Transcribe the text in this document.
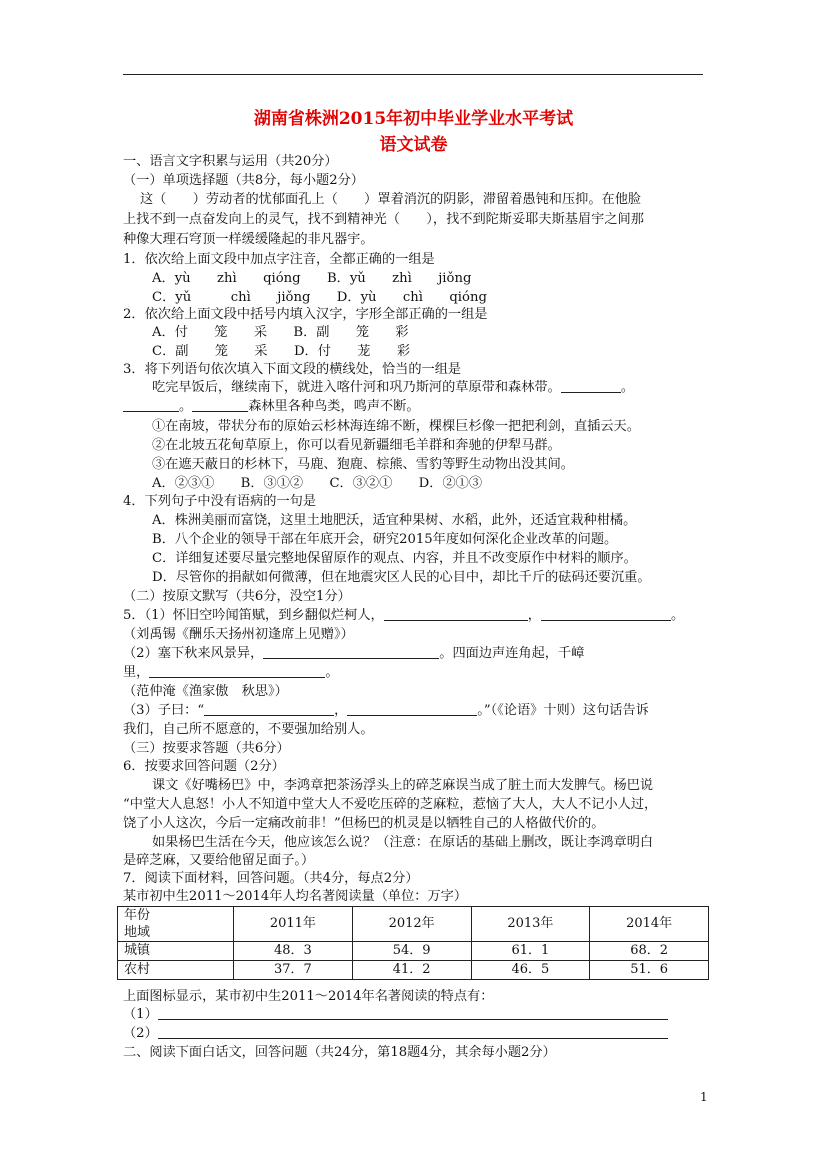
湖南省株洲2015年初中毕业学业水平考试
语文试卷
一、语言文字积累与运用（共20分）
（一）单项选择题（共8分，每小题2分）
这（　　）劳动者的忧郁面孔上（　　）罩着消沉的阴影，滞留着愚钝和压抑。在他脸
上找不到一点奋发向上的灵气，找不到精神光（　　），找不到陀斯妥耶夫斯基眉宇之间那
种像大理石穹顶一样缓缓隆起的非凡器宇。
1．依次给上面文段中加点字注音，全都正确的一组是
A．yù　　zhì　　qióng　　B．yǔ　　zhì　　jiǒng
C．yǔ　　　chì　　jiǒng　　D．yù　　chì　　qióng
2．依次给上面文段中括号内填入汉字，字形全部正确的一组是
A．付　　笼　　采　　B．副　　笼　　彩
C．副　　笼　　采　　D．付　　茏　　彩
3．将下列语句依次填入下面文段的横线处，恰当的一组是
吃完早饭后，继续南下，就进入喀什河和巩乃斯河的草原带和森林带。	。
。	森林里各种鸟类，鸣声不断。
①在南坡，带状分布的原始云杉林海连绵不断，棵棵巨杉像一把把利剑，直插云天。
②在北坡五花甸草原上，你可以看见新疆细毛羊群和奔驰的伊犁马群。
③在遮天蔽日的杉林下，马鹿、狍鹿、棕熊、雪豹等野生动物出没其间。
A．②③①　　B．③①②　　C．③②①　　D．②①③
4．下列句子中没有语病的一句是
A．株洲美丽而富饶，这里土地肥沃，适宜种果树、水稻，此外，还适宜栽种柑橘。
B．八个企业的领导干部在年底开会，研究2015年度如何深化企业改革的问题。
C．详细复述要尽量完整地保留原作的观点、内容，并且不改变原作中材料的顺序。
D．尽管你的捐献如何微薄，但在地震灾区人民的心目中，却比千斤的砝码还要沉重。
（二）按原文默写（共6分，没空1分）
5．（1）怀旧空吟闻笛赋，到乡翻似烂柯人，	，	。
（刘禹锡《酬乐天扬州初逢席上见赠》）
（2）塞下秋来风景异，	。四面边声连角起，千嶂
里，	。
（范仲淹《渔家傲　秋思》）
（3）子曰：“	，	。”（《论语》十则）这句话告诉
我们，自己所不愿意的，不要强加给别人。
（三）按要求答题（共6分）
6．按要求回答问题（2分）
课文《好嘴杨巴》中，李鸿章把茶汤浮头上的碎芝麻误当成了脏土而大发脾气。杨巴说
“中堂大人息怒！小人不知道中堂大人不爱吃压碎的芝麻粒，惹恼了大人，大人不记小人过，
饶了小人这次，今后一定痛改前非！”但杨巴的机灵是以牺牲自己的人格做代价的。
如果杨巴生活在今天，他应该怎么说？（注意：在原话的基础上删改，既让李鸿章明白
是碎芝麻，又要给他留足面子。）
7．阅读下面材料，回答问题。（共4分，每点2分）
某市初中生2011～2014年人均名著阅读量（单位：万字）
年份
地域	2011年	2012年	2013年	2014年
城镇	48．3	54．9	61．1	68．2
农村	37．7	41．2	46．5	51．6
上面图标显示，某市初中生2011～2014年名著阅读的特点有：
（1）
（2）
二、阅读下面白话文，回答问题（共24分，第18题4分，其余每小题2分）
1
